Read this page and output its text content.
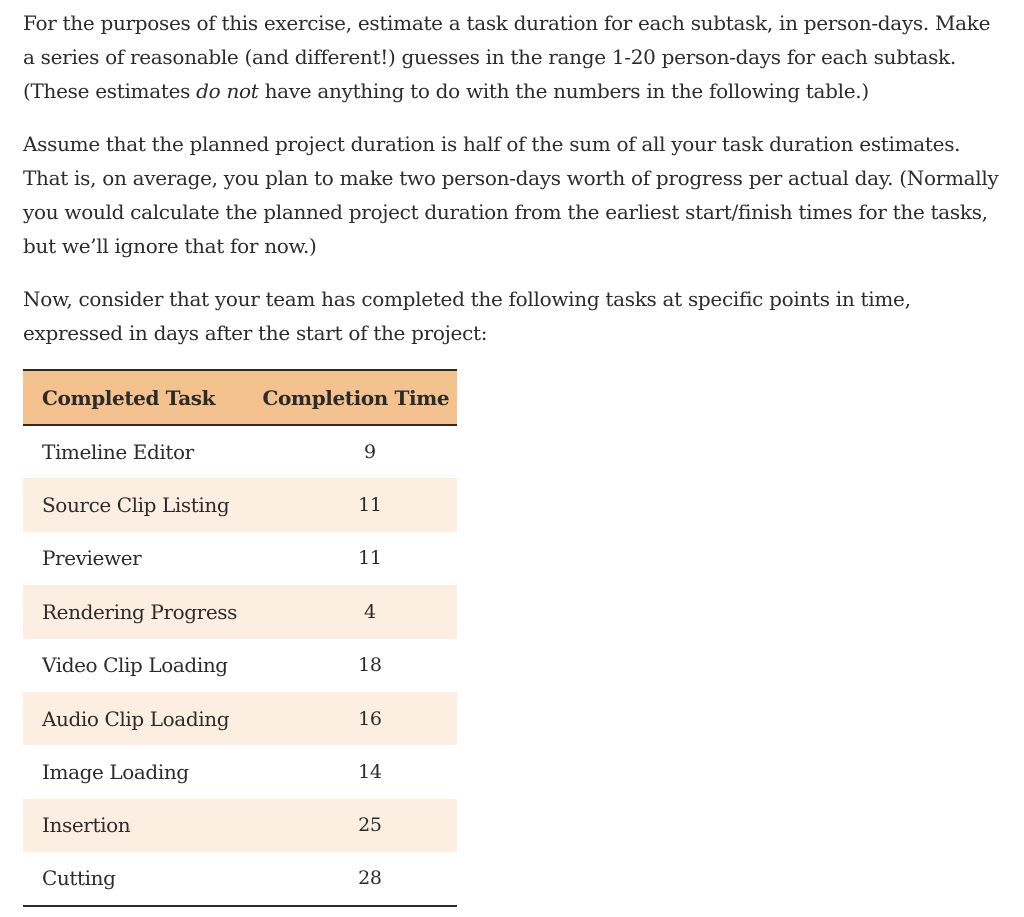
For the purposes of this exercise, estimate a task duration for each subtask, in person-days. Make a series of reasonable (and different!) guesses in the range 1-20 person-days for each subtask. (These estimates do not have anything to do with the numbers in the following table.)

Assume that the planned project duration is half of the sum of all your task duration estimates. That is, on average, you plan to make two person-days worth of progress per actual day. (Normally you would calculate the planned project duration from the earliest start/finish times for the tasks, but we’ll ignore that for now.)

Now, consider that your team has completed the following tasks at specific points in time, expressed in days after the start of the project:

Completed Task	Completion Time
Timeline Editor	9
Source Clip Listing	11
Previewer	11
Rendering Progress	4
Video Clip Loading	18
Audio Clip Loading	16
Image Loading	14
Insertion	25
Cutting	28
